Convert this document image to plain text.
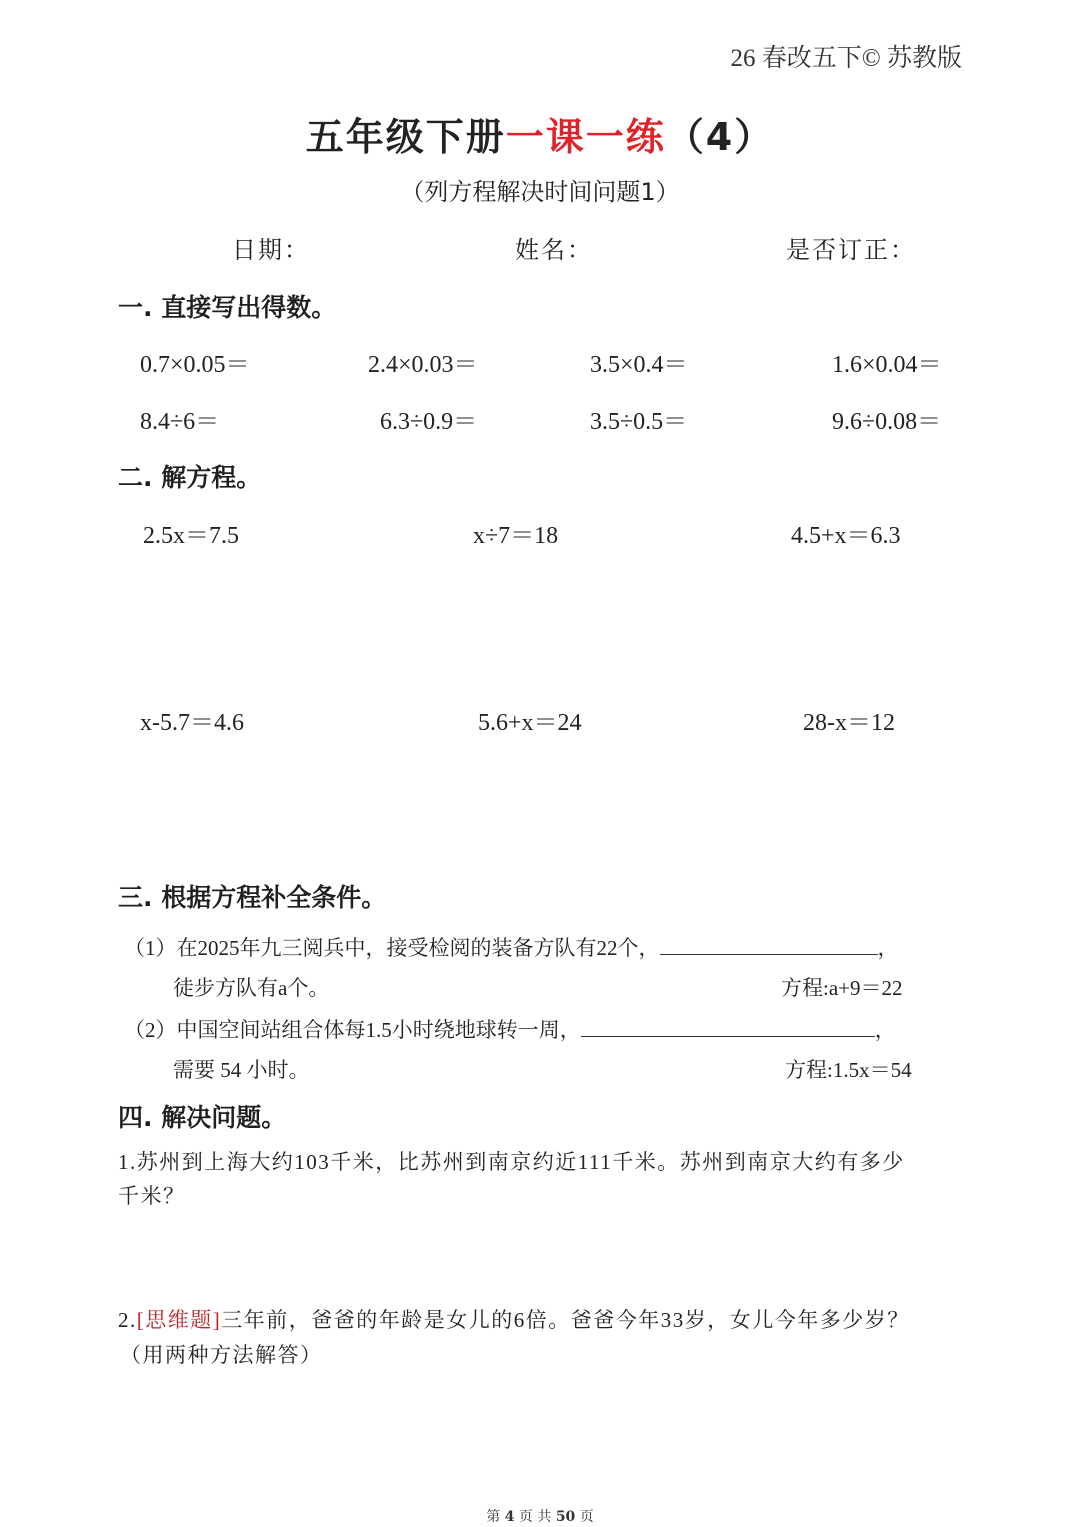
26 春改五下© 苏教版
五年级下册一课一练（4）
（列方程解决时间问题1）
日期：	姓名：	是否订正：
一. 直接写出得数。
0.7×0.05＝	2.4×0.03＝	3.5×0.4＝	1.6×0.04＝
8.4÷6＝	6.3÷0.9＝	3.5÷0.5＝	9.6÷0.08＝
二. 解方程。
2.5x＝7.5	x÷7＝18	4.5+x＝6.3
x-5.7＝4.6	5.6+x＝24	28-x＝12
三. 根据方程补全条件。
（1）在2025年九三阅兵中，接受检阅的装备方队有22个，	，
徒步方队有a个。	方程:a+9＝22
（2）中国空间站组合体每1.5小时绕地球转一周，	，
需要 54 小时。	方程:1.5x＝54
四. 解决问题。
1.苏州到上海大约103千米，比苏州到南京约近111千米。苏州到南京大约有多少
千米？
2.[思维题]三年前，爸爸的年龄是女儿的6倍。爸爸今年33岁，女儿今年多少岁？
（用两种方法解答）
第 4 页 共 50 页
